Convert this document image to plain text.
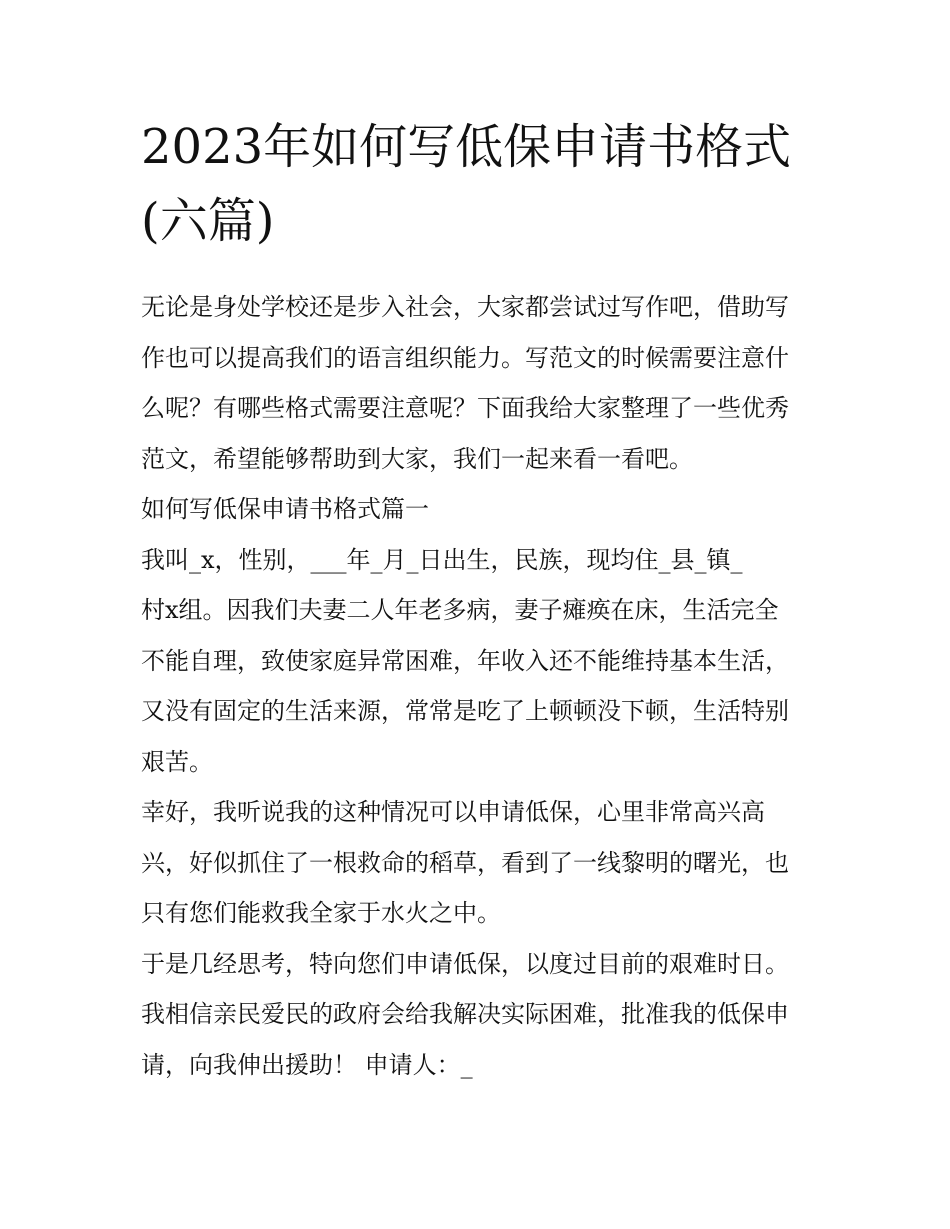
2023年如何写低保申请书格式
(六篇)

无论是身处学校还是步入社会，大家都尝试过写作吧，借助写
作也可以提高我们的语言组织能力。写范文的时候需要注意什
么呢？有哪些格式需要注意呢？下面我给大家整理了一些优秀
范文，希望能够帮助到大家，我们一起来看一看吧。

如何写低保申请书格式篇一

我叫_x，性别，___年_月_日出生，民族，现均住_县_镇_
村x组。因我们夫妻二人年老多病，妻子瘫痪在床，生活完全
不能自理，致使家庭异常困难，年收入还不能维持基本生活，
又没有固定的生活来源，常常是吃了上顿顿没下顿，生活特别
艰苦。

幸好，我听说我的这种情况可以申请低保，心里非常高兴高
兴，好似抓住了一根救命的稻草，看到了一线黎明的曙光，也
只有您们能救我全家于水火之中。

于是几经思考，特向您们申请低保，以度过目前的艰难时日。
我相信亲民爱民的政府会给我解决实际困难，批准我的低保申
请，向我伸出援助！ 申请人：_
